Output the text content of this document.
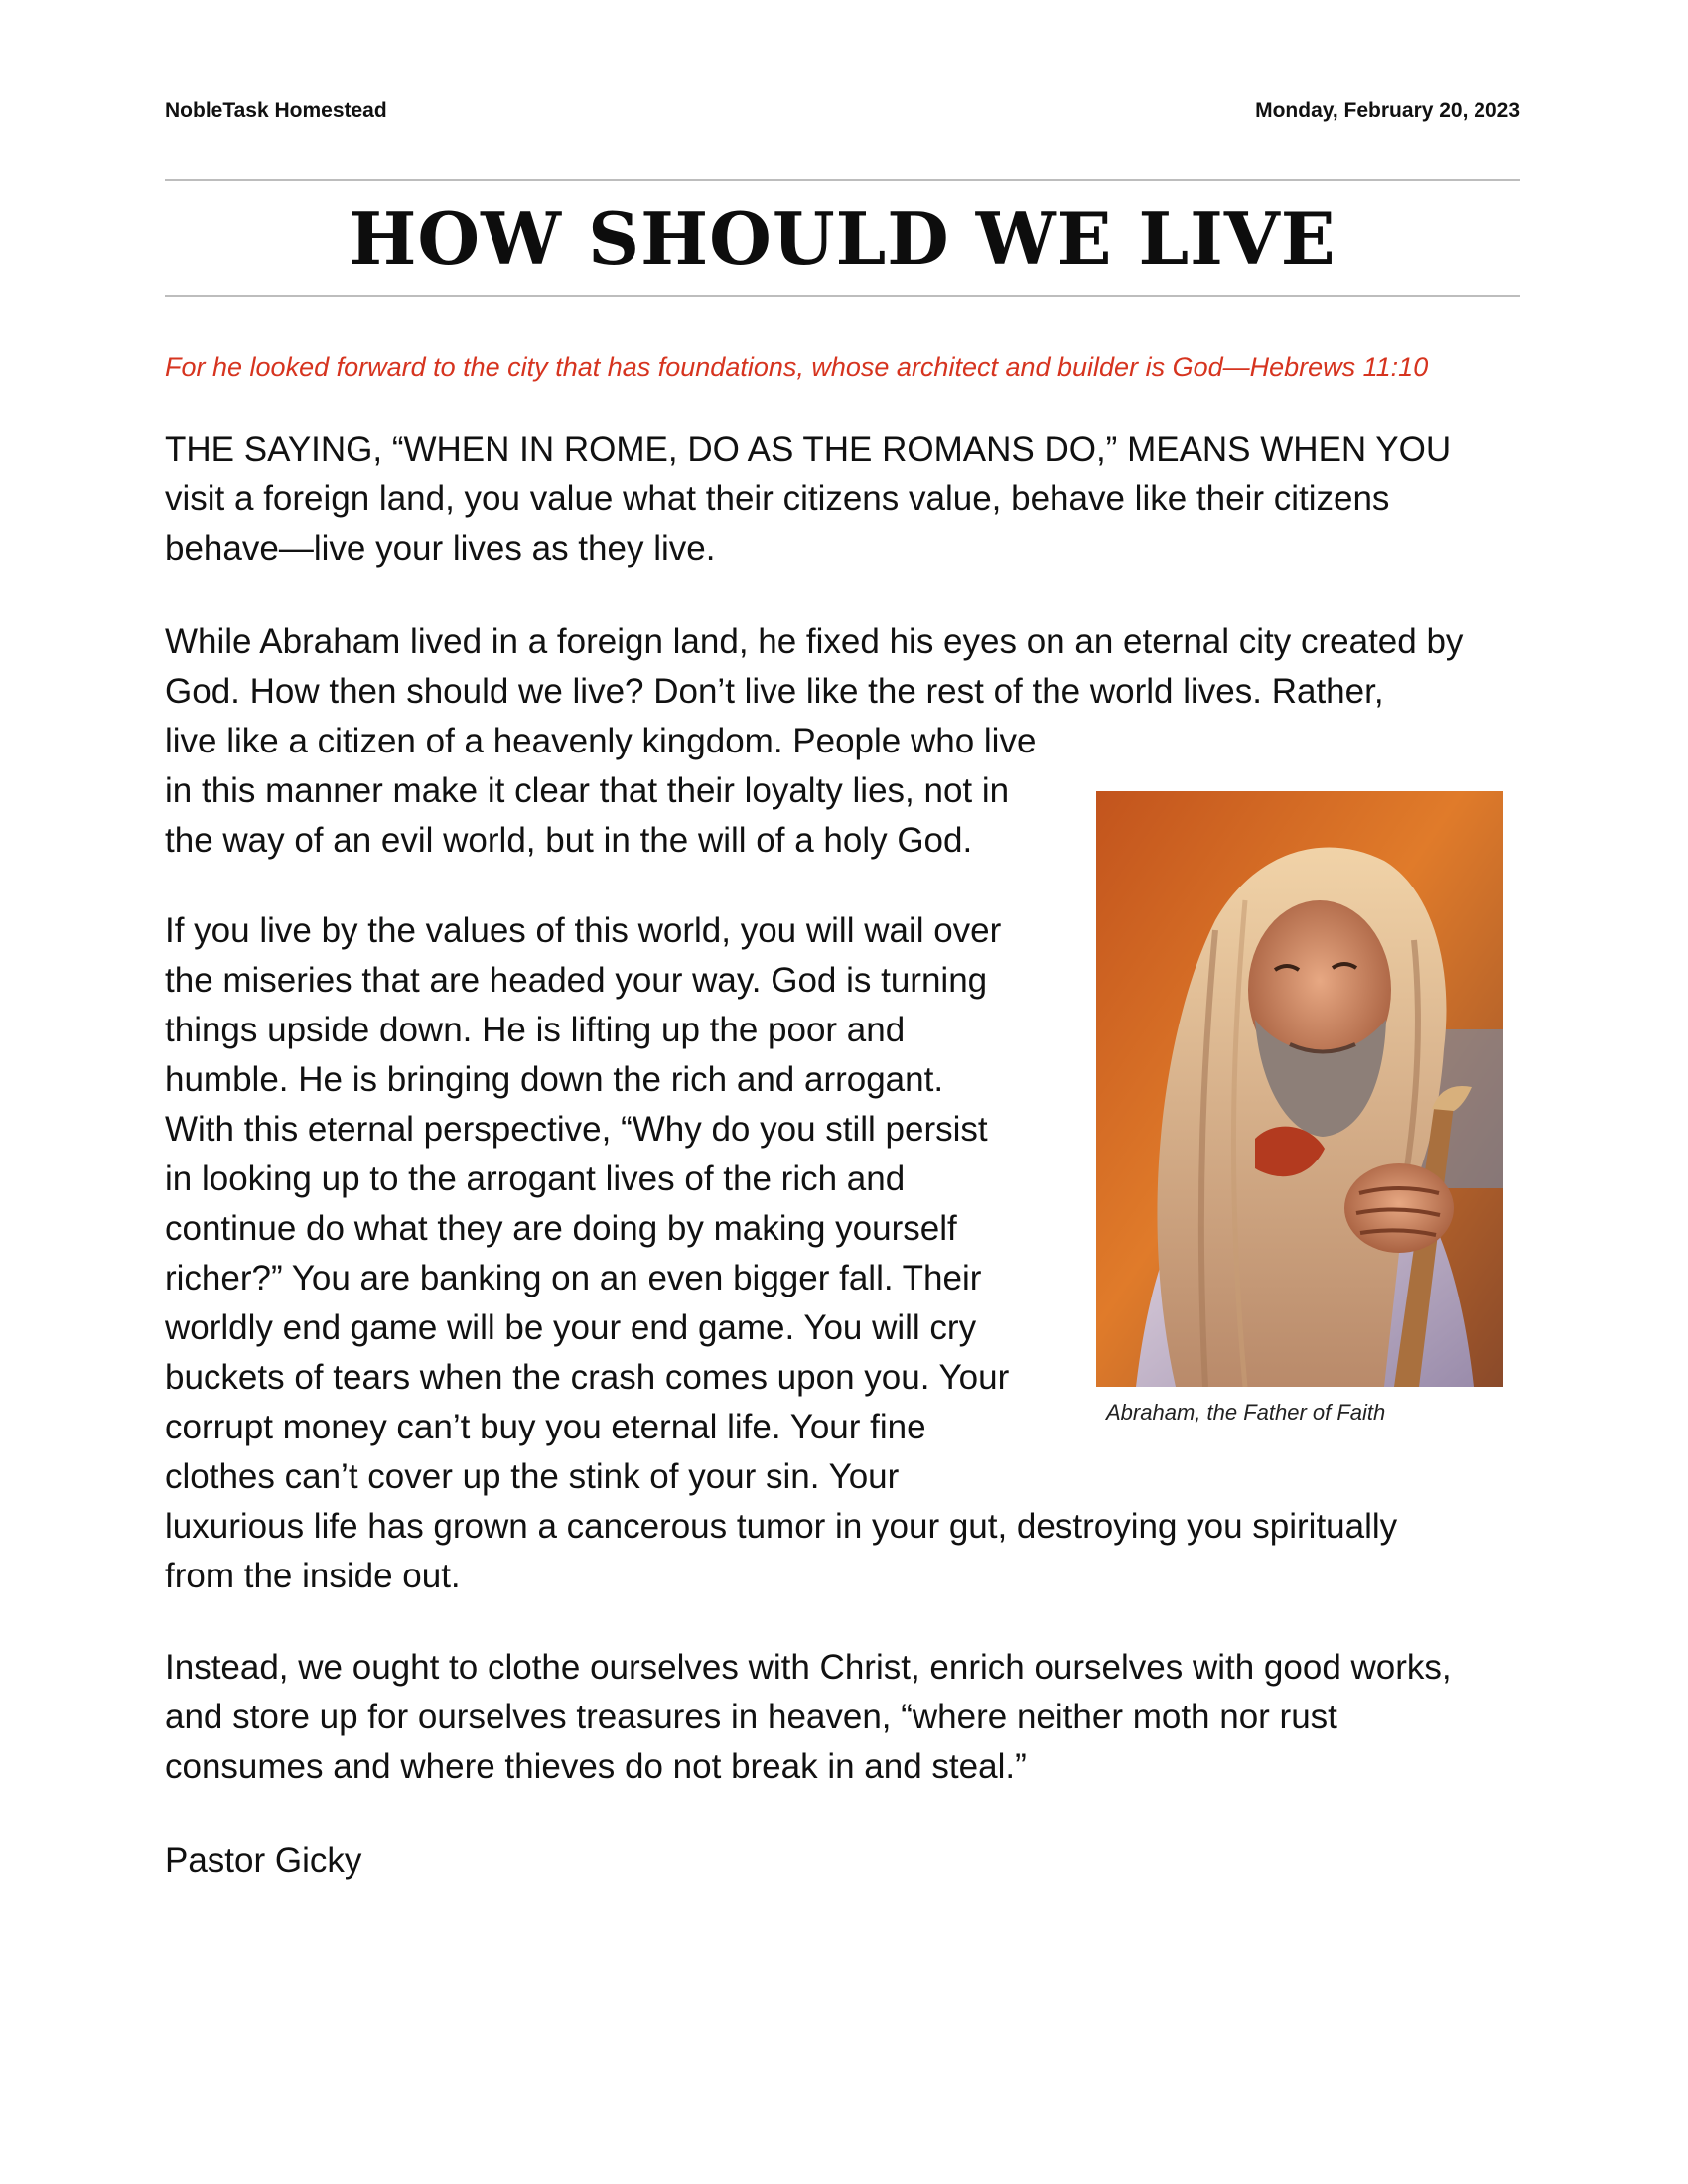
NobleTask Homestead	Monday, February 20, 2023
HOW SHOULD WE LIVE
For he looked forward to the city that has foundations, whose architect and builder is God—Hebrews 11:10
THE SAYING, “WHEN IN ROME, DO AS THE ROMANS DO,” MEANS WHEN YOU
visit a foreign land, you value what their citizens value, behave like their citizens
behave—live your lives as they live.
While Abraham lived in a foreign land, he fixed his eyes on an eternal city created by
God. How then should we live? Don’t live like the rest of the world lives. Rather,
live like a citizen of a heavenly kingdom. People who live
in this manner make it clear that their loyalty lies, not in
the way of an evil world, but in the will of a holy God.
If you live by the values of this world, you will wail over
the miseries that are headed your way. God is turning
things upside down. He is lifting up the poor and
humble. He is bringing down the rich and arrogant.
With this eternal perspective, “Why do you still persist
in looking up to the arrogant lives of the rich and
continue do what they are doing by making yourself
richer?” You are banking on an even bigger fall. Their
worldly end game will be your end game. You will cry
buckets of tears when the crash comes upon you. Your
corrupt money can’t buy you eternal life. Your fine
clothes can’t cover up the stink of your sin. Your
luxurious life has grown a cancerous tumor in your gut, destroying you spiritually
from the inside out.
Abraham, the Father of Faith
Instead, we ought to clothe ourselves with Christ, enrich ourselves with good works,
and store up for ourselves treasures in heaven, “where neither moth nor rust
consumes and where thieves do not break in and steal.”
Pastor Gicky
